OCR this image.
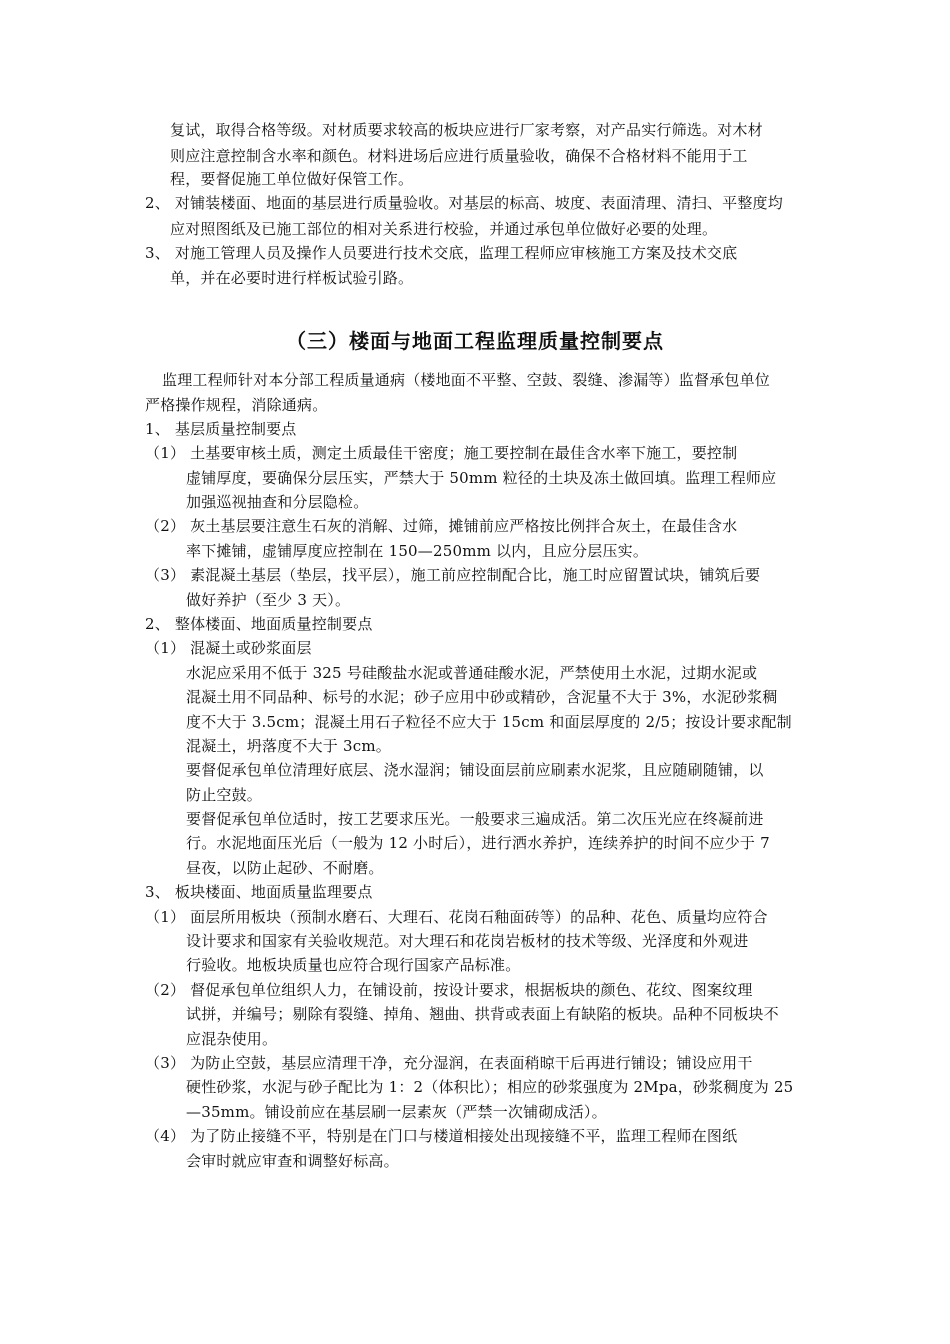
复试，取得合格等级。对材质要求较高的板块应进行厂家考察，对产品实行筛选。对木材
则应注意控制含水率和颜色。材料进场后应进行质量验收，确保不合格材料不能用于工
程，要督促施工单位做好保管工作。
2、 对铺装楼面、地面的基层进行质量验收。对基层的标高、坡度、表面清理、清扫、平整度均
应对照图纸及已施工部位的相对关系进行校验，并通过承包单位做好必要的处理。
3、 对施工管理人员及操作人员要进行技术交底，监理工程师应审核施工方案及技术交底
单，并在必要时进行样板试验引路。
（三）楼面与地面工程监理质量控制要点
监理工程师针对本分部工程质量通病（楼地面不平整、空鼓、裂缝、渗漏等）监督承包单位
严格操作规程，消除通病。
1、 基层质量控制要点
（1） 土基要审核土质，测定土质最佳干密度；施工要控制在最佳含水率下施工，要控制
虚铺厚度，要确保分层压实，严禁大于 50mm 粒径的土块及冻土做回填。监理工程师应
加强巡视抽查和分层隐检。
（2） 灰土基层要注意生石灰的消解、过筛，摊铺前应严格按比例拌合灰土，在最佳含水
率下摊铺，虚铺厚度应控制在 150—250mm 以内，且应分层压实。
（3） 素混凝土基层（垫层，找平层），施工前应控制配合比，施工时应留置试块，铺筑后要
做好养护（至少 3 天）。
2、 整体楼面、地面质量控制要点
（1） 混凝土或砂浆面层
水泥应采用不低于 325 号硅酸盐水泥或普通硅酸水泥，严禁使用土水泥，过期水泥或
混凝土用不同品种、标号的水泥；砂子应用中砂或精砂，含泥量不大于 3%，水泥砂浆稠
度不大于 3.5cm；混凝土用石子粒径不应大于 15cm 和面层厚度的 2/5；按设计要求配制
混凝土，坍落度不大于 3cm。
要督促承包单位清理好底层、浇水湿润；铺设面层前应刷素水泥浆，且应随刷随铺，以
防止空鼓。
要督促承包单位适时，按工艺要求压光。一般要求三遍成活。第二次压光应在终凝前进
行。水泥地面压光后（一般为 12 小时后），进行洒水养护，连续养护的时间不应少于 7
昼夜，以防止起砂、不耐磨。
3、 板块楼面、地面质量监理要点
（1） 面层所用板块（预制水磨石、大理石、花岗石釉面砖等）的品种、花色、质量均应符合
设计要求和国家有关验收规范。对大理石和花岗岩板材的技术等级、光泽度和外观进
行验收。地板块质量也应符合现行国家产品标准。
（2） 督促承包单位组织人力，在铺设前，按设计要求，根据板块的颜色、花纹、图案纹理
试拼，并编号；剔除有裂缝、掉角、翘曲、拱背或表面上有缺陷的板块。品种不同板块不
应混杂使用。
（3） 为防止空鼓，基层应清理干净，充分湿润，在表面稍晾干后再进行铺设；铺设应用干
硬性砂浆，水泥与砂子配比为 1：2（体积比）；相应的砂浆强度为 2Mpa，砂浆稠度为 25
—35mm。铺设前应在基层刷一层素灰（严禁一次铺砌成活）。
（4） 为了防止接缝不平，特别是在门口与楼道相接处出现接缝不平，监理工程师在图纸
会审时就应审查和调整好标高。
